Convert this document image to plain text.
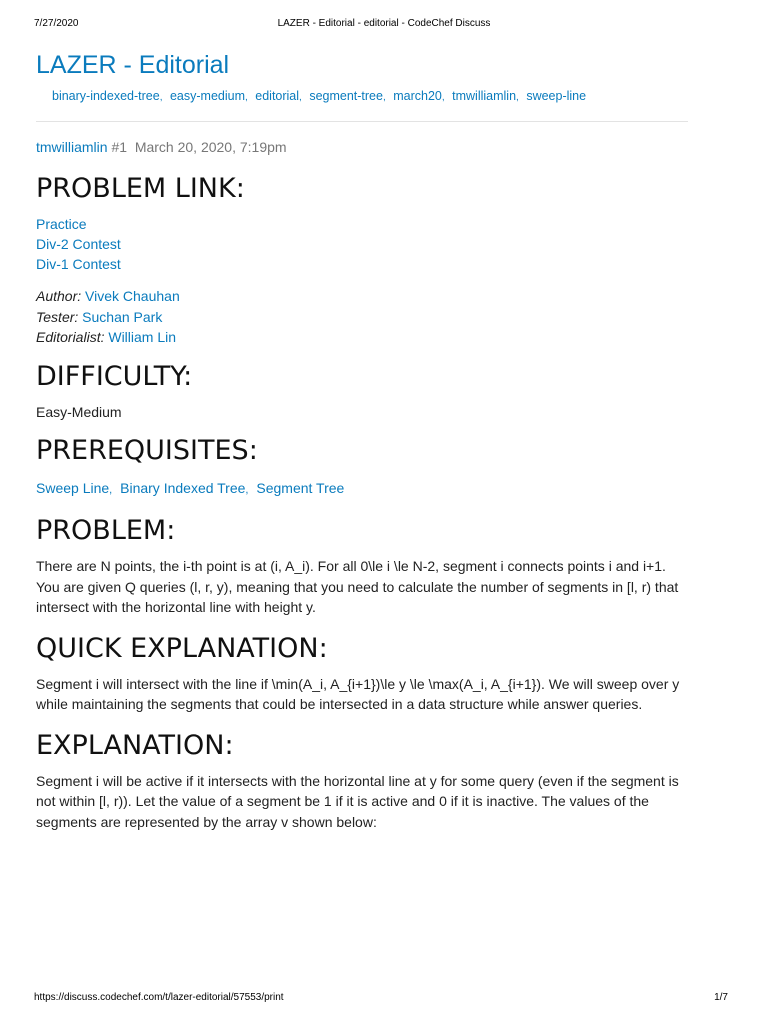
7/27/2020	LAZER - Editorial - editorial - CodeChef Discuss
LAZER - Editorial
binary-indexed-tree, easy-medium, editorial, segment-tree, march20, tmwilliamlin, sweep-line
tmwilliamlin #1 March 20, 2020, 7:19pm
PROBLEM LINK:
Practice
Div-2 Contest
Div-1 Contest
Author: Vivek Chauhan
Tester: Suchan Park
Editorialist: William Lin
DIFFICULTY:

Easy-Medium

PREREQUISITES:
Sweep Line, Binary Indexed Tree, Segment Tree
PROBLEM:

There are N points, the i-th point is at (i, A_i). For all 0\le i \le N-2, segment i connects points i and i+1. You are given Q queries (l, r, y), meaning that you need to calculate the number of segments in [l, r) that intersect with the horizontal line with height y.

QUICK EXPLANATION:

Segment i will intersect with the line if \min(A_i, A_{i+1})\le y \le \max(A_i, A_{i+1}). We will sweep over y while maintaining the segments that could be intersected in a data structure while answer queries.

EXPLANATION:

Segment i will be active if it intersects with the horizontal line at y for some query (even if the segment is not within [l, r)). Let the value of a segment be 1 if it is active and 0 if it is inactive. The values of the segments are represented by the array v shown below:

https://discuss.codechef.com/t/lazer-editorial/57553/print	1/7
